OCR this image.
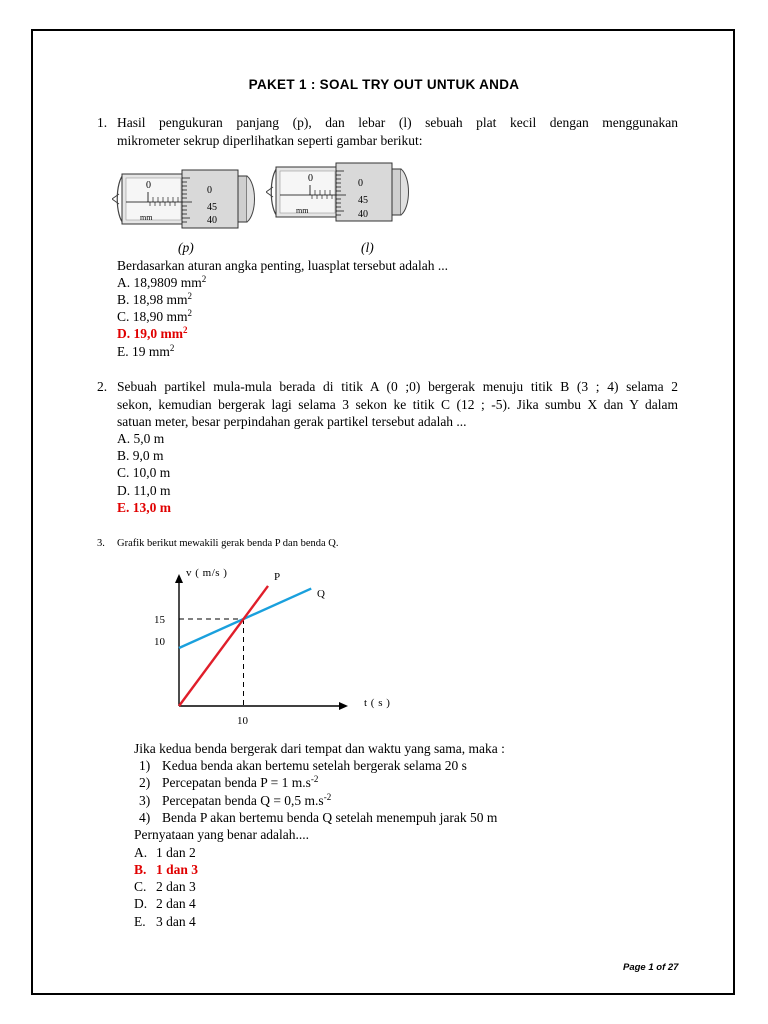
PAKET 1 : SOAL TRY OUT UNTUK ANDA
1. Hasil pengukuran panjang (p), dan lebar (l) sebuah plat kecil dengan menggunakan
mikrometer sekrup diperlihatkan seperti gambar berikut:
0
mm
0
45
40
(p)
0
mm
0
45
40
(l)
Berdasarkan aturan angka penting, luasplat tersebut adalah ...
A. 18,9809 $mm^2$
B. 18,98 $mm^2$
C. 18,90 $mm^2$
D. 19,0 $mm^2$
E. 19 $mm^2$
2. Sebuah partikel mula-mula berada di titik A (0 ;0) bergerak menuju titik B (3 ; 4) selama 2
sekon, kemudian bergerak lagi selama 3 sekon ke titik C (12 ; -5). Jika sumbu X dan Y dalam
satuan meter, besar perpindahan gerak partikel tersebut adalah ...
A. 5,0 m
B. 9,0 m
C. 10,0 m
D. 11,0 m
E. 13,0 m
3. Grafik berikut mewakili gerak benda P dan benda Q.
v ( m/s )
t ( s )
P
Q
15
10
10
Jika kedua benda bergerak dari tempat dan waktu yang sama, maka :
1) Kedua benda akan bertemu setelah bergerak selama 20 s
2) Percepatan benda P = 1 $m.s^{-2}$
3) Percepatan benda Q = 0,5 $m.s^{-2}$
4) Benda P akan bertemu benda Q setelah menempuh jarak 50 m
Pernyataan yang benar adalah....
A. 1 dan 2
B. 1 dan 3
C. 2 dan 3
D. 2 dan 4
E. 3 dan 4
Page 1 of 27
